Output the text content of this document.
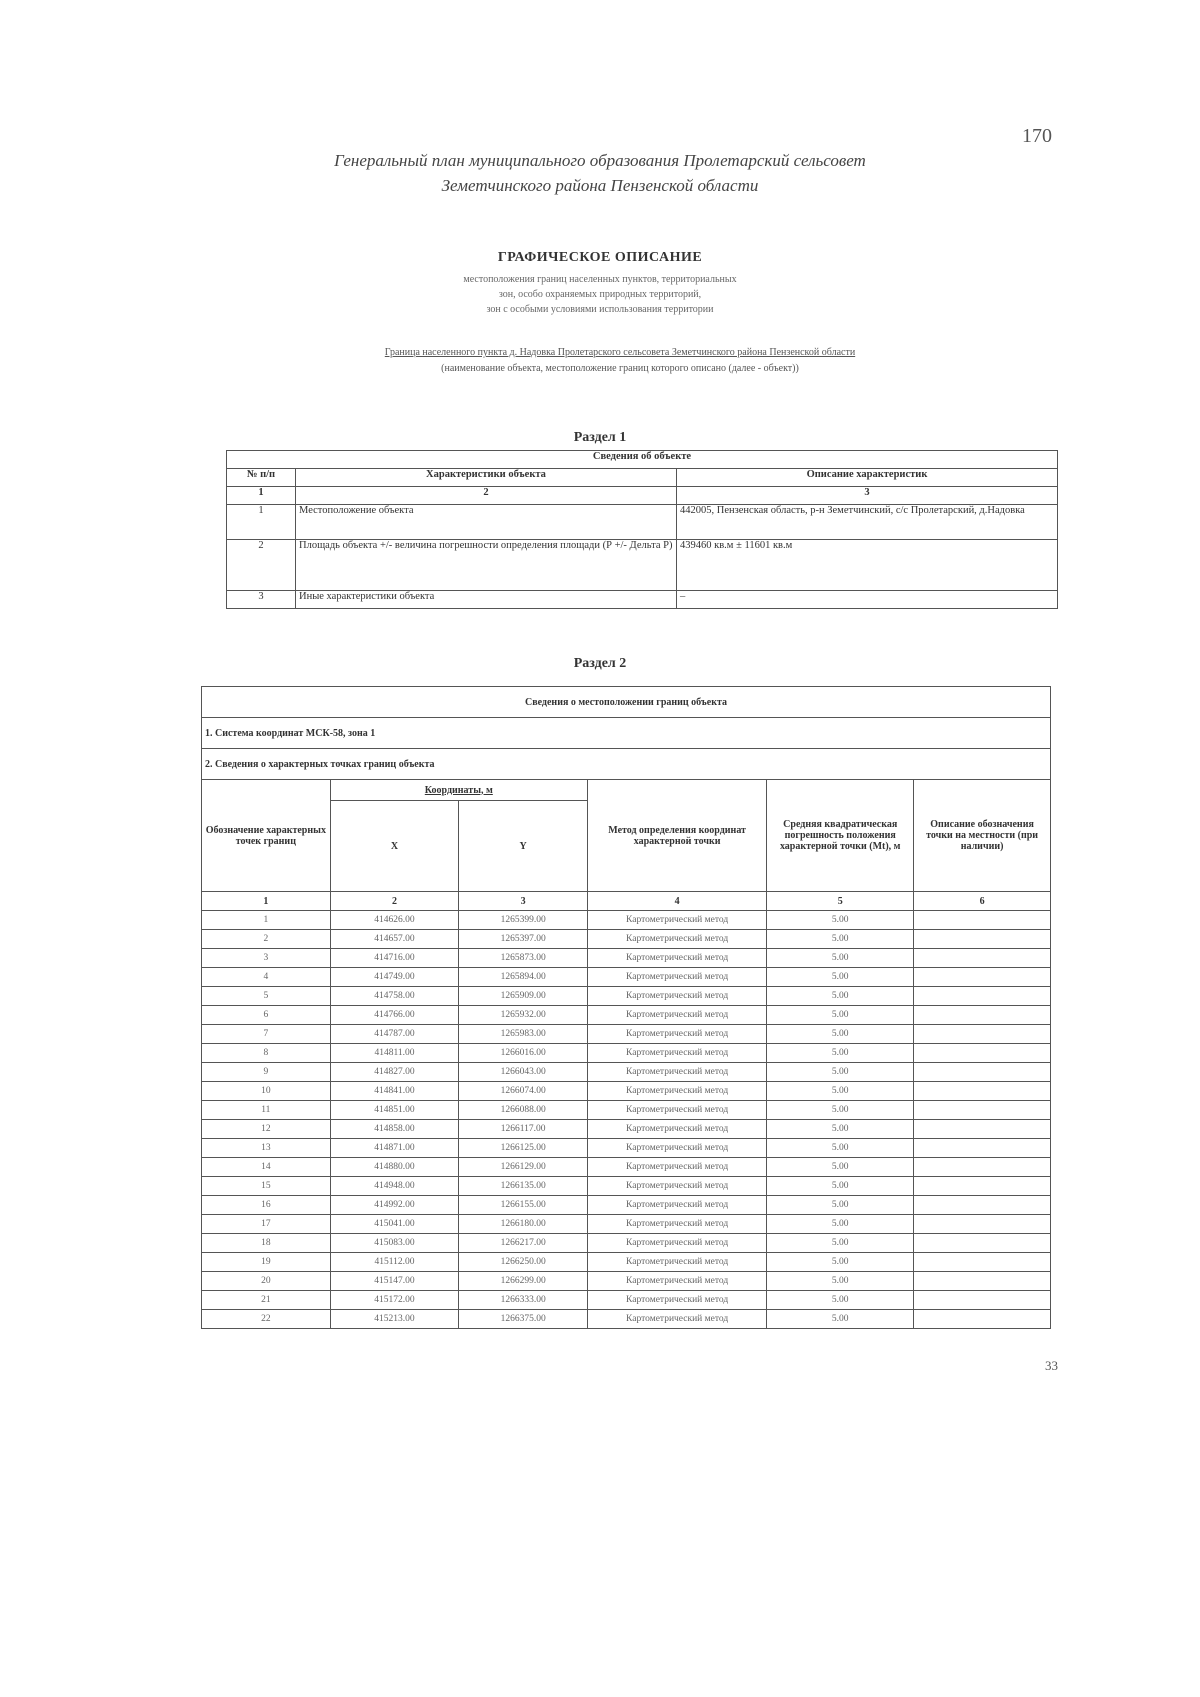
170
Генеральный план муниципального образования Пролетарский сельсовет
Земетчинского района Пензенской области
ГРАФИЧЕСКОЕ ОПИСАНИЕ
местоположения границ населенных пунктов, территориальных
зон, особо охраняемых природных территорий,
зон с особыми условиями использования территории
Граница населенного пункта д. Надовка Пролетарского сельсовета Земетчинского района Пензенской области
(наименование объекта, местоположение границ которого описано (далее - объект))
Раздел 1
Сведения об объекте		
№ п/п	Характеристики объекта	Описание характеристик
1	2	3
1	Местоположение объекта	442005, Пензенская область, р-н Земетчинский, с/с Пролетарский, д.Надовка
2	Площадь объекта +/- величина погрешности определения площади (Р +/- Дельта Р)	439460 кв.м ± 11601 кв.м
3	Иные характеристики объекта	–
Раздел 2
Сведения о местоположении границ объекта					
1. Система координат МСК-58, зона 1					
2. Сведения о характерных точках границ объекта					
Обозначение характерных точек границ	Координаты, м		Метод определения координат характерной точки	Средняя квадратическая погрешность положения характерной точки (Mt), м	Описание обозначения точки на местности (при наличии)
	X	Y			
1	2	3	4	5	6
1	414626.00	1265399.00	Картометрический метод	5.00	
2	414657.00	1265397.00	Картометрический метод	5.00	
3	414716.00	1265873.00	Картометрический метод	5.00	
4	414749.00	1265894.00	Картометрический метод	5.00	
5	414758.00	1265909.00	Картометрический метод	5.00	
6	414766.00	1265932.00	Картометрический метод	5.00	
7	414787.00	1265983.00	Картометрический метод	5.00	
8	414811.00	1266016.00	Картометрический метод	5.00	
9	414827.00	1266043.00	Картометрический метод	5.00	
10	414841.00	1266074.00	Картометрический метод	5.00	
11	414851.00	1266088.00	Картометрический метод	5.00	
12	414858.00	1266117.00	Картометрический метод	5.00	
13	414871.00	1266125.00	Картометрический метод	5.00	
14	414880.00	1266129.00	Картометрический метод	5.00	
15	414948.00	1266135.00	Картометрический метод	5.00	
16	414992.00	1266155.00	Картометрический метод	5.00	
17	415041.00	1266180.00	Картометрический метод	5.00	
18	415083.00	1266217.00	Картометрический метод	5.00	
19	415112.00	1266250.00	Картометрический метод	5.00	
20	415147.00	1266299.00	Картометрический метод	5.00	
21	415172.00	1266333.00	Картометрический метод	5.00	
22	415213.00	1266375.00	Картометрический метод	5.00	
33
